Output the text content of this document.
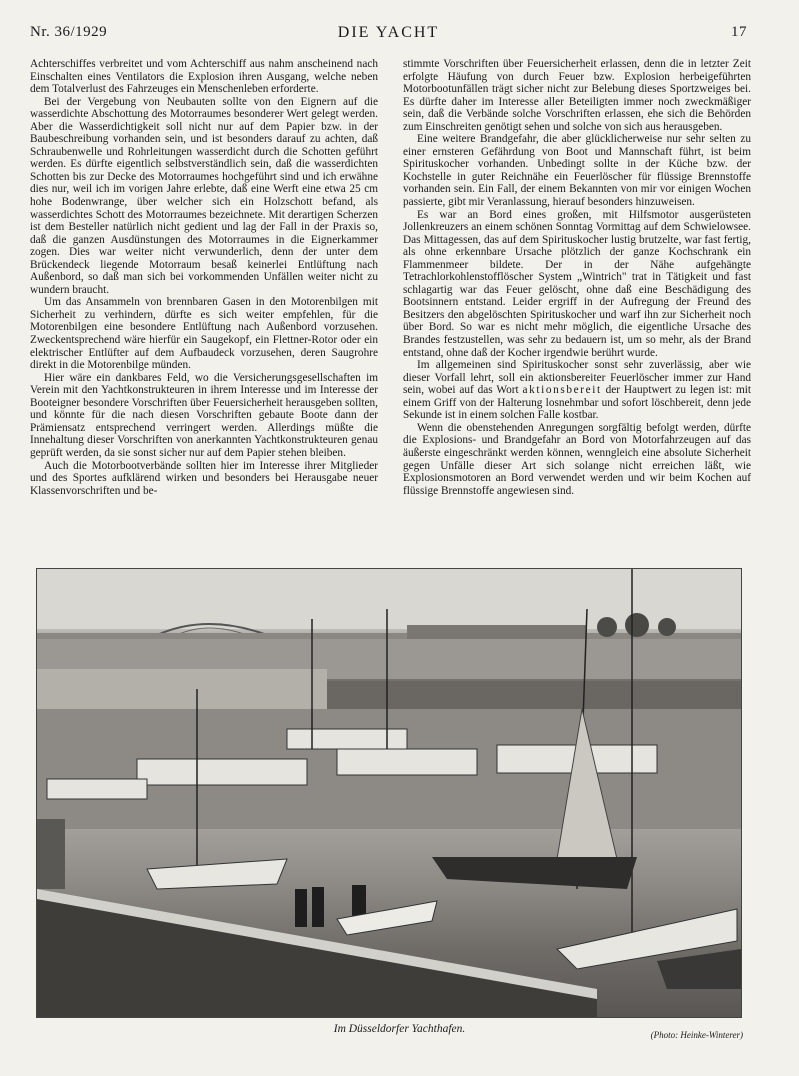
Nr. 36/1929	DIE YACHT	17

Achterschiffes verbreitet und vom Achterschiff aus nahm anscheinend nach Einschalten eines Ventilators die Explosion ihren Ausgang, welche neben dem Totalverlust des Fahrzeuges ein Menschenleben erforderte.

Bei der Vergebung von Neubauten sollte von den Eignern auf die wasserdichte Abschottung des Motorraumes besonderer Wert gelegt werden. Aber die Wasserdichtigkeit soll nicht nur auf dem Papier bzw. in der Baubeschreibung vorhanden sein, und ist besonders darauf zu achten, daß Schraubenwelle und Rohrleitungen wasserdicht durch die Schotten geführt werden. Es dürfte eigentlich selbstverständlich sein, daß die wasserdichten Schotten bis zur Decke des Motorraumes hochgeführt sind und ich erwähne dies nur, weil ich im vorigen Jahre erlebte, daß eine Werft eine etwa 25 cm hohe Bodenwrange, über welcher sich ein Holzschott befand, als wasserdichtes Schott des Motorraumes bezeichnete. Mit derartigen Scherzen ist dem Besteller natürlich nicht gedient und lag der Fall in der Praxis so, daß die ganzen Ausdünstungen des Motorraumes in die Eignerkammer zogen. Dies war weiter nicht verwunderlich, denn der unter dem Brückendeck liegende Motorraum besaß keinerlei Entlüftung nach Außenbord, so daß man sich bei vorkommenden Unfällen weiter nicht zu wundern braucht.

Um das Ansammeln von brennbaren Gasen in den Motorenbilgen mit Sicherheit zu verhindern, dürfte es sich weiter empfehlen, für die Motorenbilgen eine besondere Entlüftung nach Außenbord vorzusehen. Zweckentsprechend wäre hierfür ein Saugekopf, ein Flettner-Rotor oder ein elektrischer Entlüfter auf dem Aufbaudeck vorzusehen, deren Saugrohre direkt in die Motorenbilge münden.

Hier wäre ein dankbares Feld, wo die Versicherungsgesellschaften im Verein mit den Yachtkonstrukteuren in ihrem Interesse und im Interesse der Booteigner besondere Vorschriften über Feuersicherheit herausgeben sollten, und könnte für die nach diesen Vorschriften gebaute Boote dann der Prämiensatz entsprechend verringert werden. Allerdings müßte die Innehaltung dieser Vorschriften von anerkannten Yachtkonstrukteuren genau geprüft werden, da sie sonst sicher nur auf dem Papier stehen bleiben.

Auch die Motorbootverbände sollten hier im Interesse ihrer Mitglieder und des Sportes aufklärend wirken und besonders bei Herausgabe neuer Klassenvorschriften und be-

stimmte Vorschriften über Feuersicherheit erlassen, denn die in letzter Zeit erfolgte Häufung von durch Feuer bzw. Explosion herbeigeführten Motorbootunfällen trägt sicher nicht zur Belebung dieses Sportzweiges bei. Es dürfte daher im Interesse aller Beteiligten immer noch zweckmäßiger sein, daß die Verbände solche Vorschriften erlassen, ehe sich die Behörden zum Einschreiten genötigt sehen und solche von sich aus herausgeben.

Eine weitere Brandgefahr, die aber glücklicherweise nur sehr selten zu einer ernsteren Gefährdung von Boot und Mannschaft führt, ist beim Spirituskocher vorhanden. Unbedingt sollte in der Küche bzw. der Kochstelle in guter Reichnähe ein Feuerlöscher für flüssige Brennstoffe vorhanden sein. Ein Fall, der einem Bekannten von mir vor einigen Wochen passierte, gibt mir Veranlassung, hierauf besonders hinzuweisen.

Es war an Bord eines großen, mit Hilfsmotor ausgerüsteten Jollenkreuzers an einem schönen Sonntag Vormittag auf dem Schwielowsee. Das Mittagessen, das auf dem Spirituskocher lustig brutzelte, war fast fertig, als ohne erkennbare Ursache plötzlich der ganze Kochschrank ein Flammenmeer bildete. Der in der Nähe aufgehängte Tetrachlorkohlenstofflöscher System „Wintrich" trat in Tätigkeit und fast schlagartig war das Feuer gelöscht, ohne daß eine Beschädigung des Bootsinnern entstand. Leider ergriff in der Aufregung der Freund des Besitzers den abgelöschten Spirituskocher und warf ihn zur Sicherheit noch über Bord. So war es nicht mehr möglich, die eigentliche Ursache des Brandes festzustellen, was sehr zu bedauern ist, um so mehr, als der Brand entstand, ohne daß der Kocher irgendwie berührt wurde.

Im allgemeinen sind Spirituskocher sonst sehr zuverlässig, aber wie dieser Vorfall lehrt, soll ein aktionsbereiter Feuerlöscher immer zur Hand sein, wobei auf das Wort aktionsbereit der Hauptwert zu legen ist: mit einem Griff von der Halterung losnehmbar und sofort löschbereit, denn jede Sekunde ist in einem solchen Falle kostbar.

Wenn die obenstehenden Anregungen sorgfältig befolgt werden, dürfte die Explosions- und Brandgefahr an Bord von Motorfahrzeugen auf das äußerste eingeschränkt werden können, wenngleich eine absolute Sicherheit gegen Unfälle dieser Art sich solange nicht erreichen läßt, wie Explosionsmotoren an Bord verwendet werden und wir beim Kochen auf flüssige Brennstoffe angewiesen sind.

Im Düsseldorfer Yachthafen.	(Photo: Heinke-Winterer)
